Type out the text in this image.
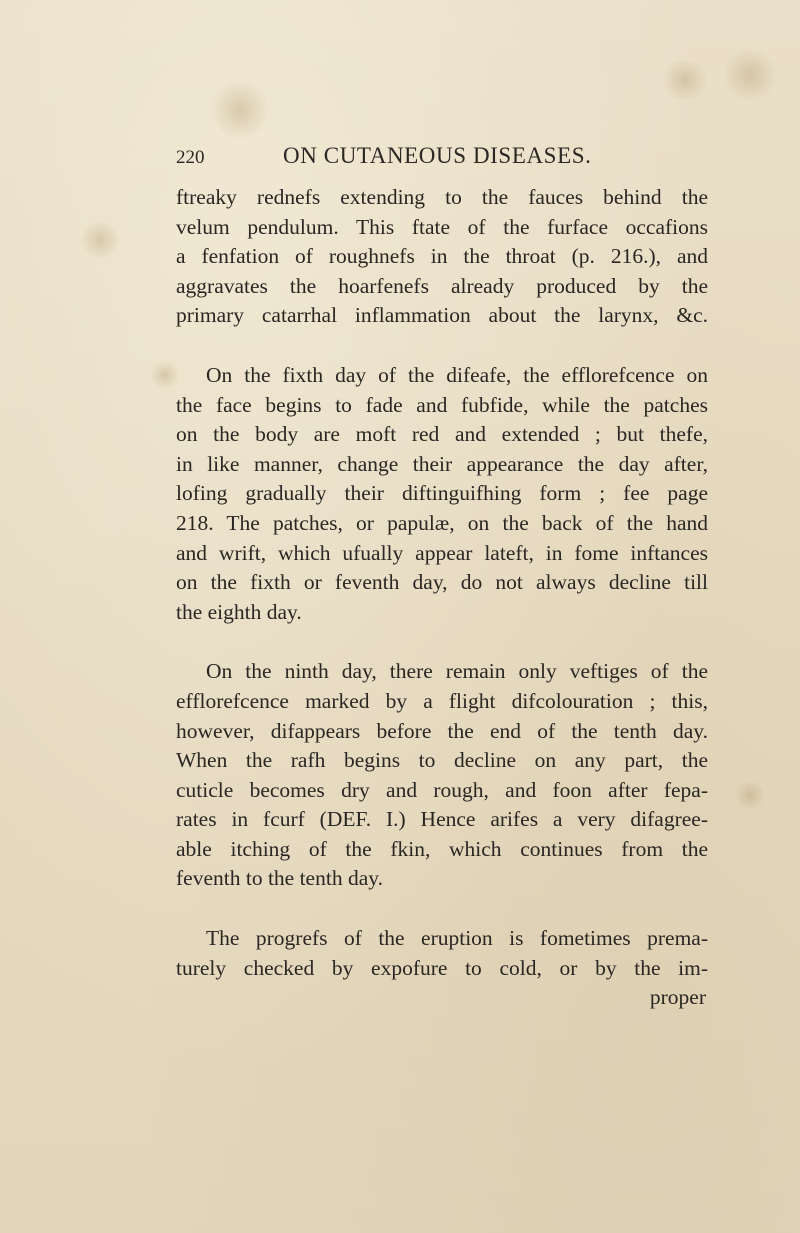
220	ON CUTANEOUS DISEASES.
ftreaky rednefs extending to the fauces behind the
velum pendulum. This ftate of the furface occafions
a fenfation of roughnefs in the throat (p. 216.), and
aggravates the hoarfenefs already produced by the
primary catarrhal inflammation about the larynx, &c.
On the fixth day of the difeafe, the efflorefcence on
the face begins to fade and fubfide, while the patches
on the body are moft red and extended ; but thefe,
in like manner, change their appearance the day after,
lofing gradually their diftinguifhing form ; fee page
218. The patches, or papulæ, on the back of the hand
and wrift, which ufually appear lateft, in fome inftances
on the fixth or feventh day, do not always decline till
the eighth day.
On the ninth day, there remain only veftiges of the
efflorefcence marked by a flight difcolouration ; this,
however, difappears before the end of the tenth day.
When the rafh begins to decline on any part, the
cuticle becomes dry and rough, and foon after fepa-
rates in fcurf (DEF. I.) Hence arifes a very difagree-
able itching of the fkin, which continues from the
feventh to the tenth day.
The progrefs of the eruption is fometimes prema-
turely checked by expofure to cold, or by the im-
proper
